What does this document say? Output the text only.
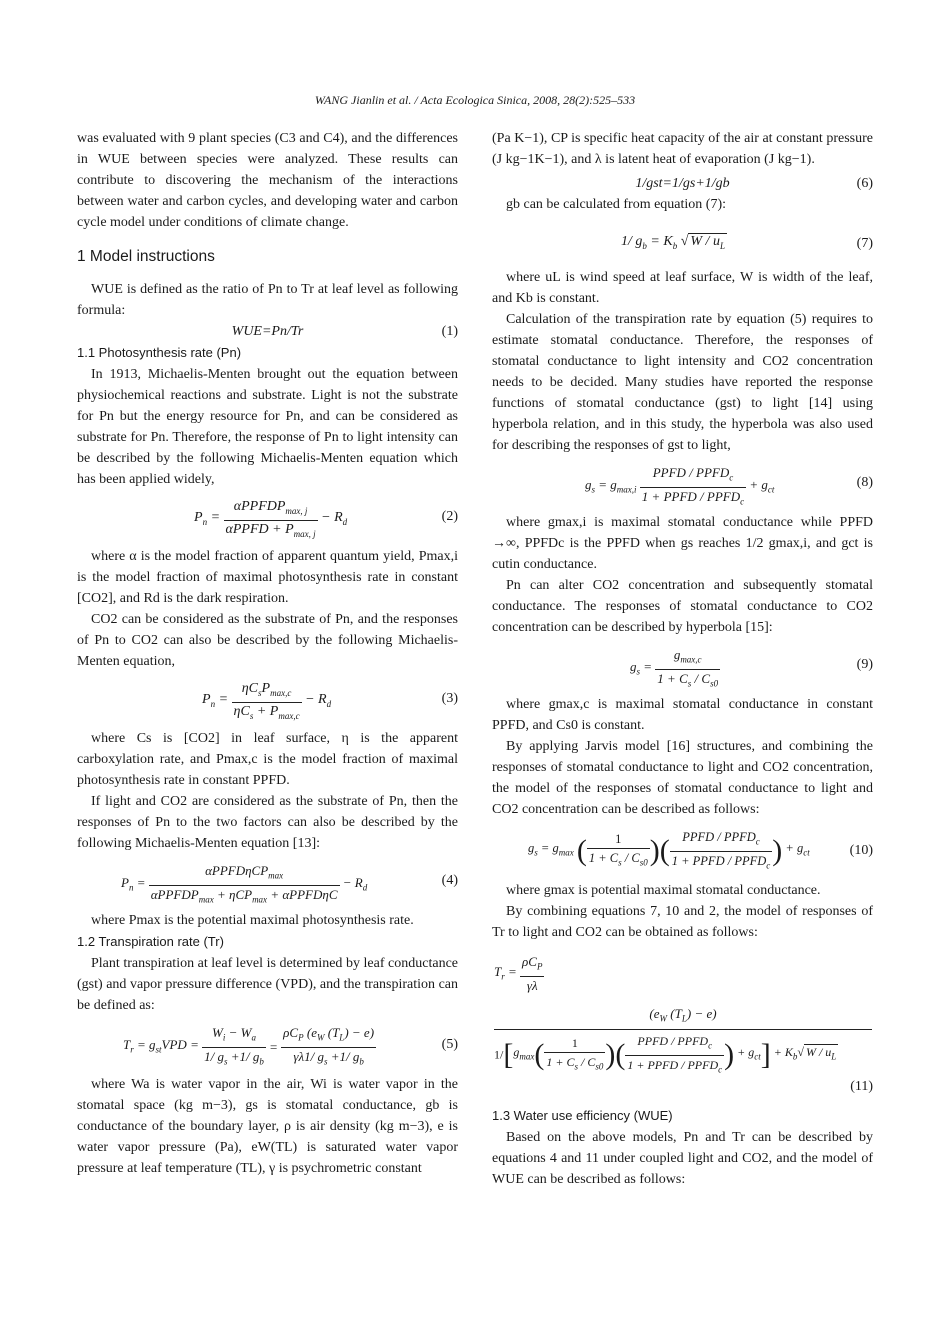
WANG Jianlin et al. / Acta Ecologica Sinica, 2008, 28(2):525–533

was evaluated with 9 plant species (C3 and C4), and the differences in WUE between species were analyzed. These results can contribute to discovering the mechanism of the interactions between water and carbon cycles, and developing water and carbon cycle model under conditions of climate change.

1 Model instructions

WUE is defined as the ratio of Pn to Tr at leaf level as following formula:

WUE=Pn/Tr	(1)
1.1 Photosynthesis rate (Pn)

In 1913, Michaelis-Menten brought out the equation between physiochemical reactions and substrate. Light is not the substrate for Pn but the energy resource for Pn, and can be considered as substrate for Pn. Therefore, the response of Pn to light intensity can be described by the following Michaelis-Menten equation which has been applied widely,

$P_n = \frac{\alpha PPFDP_{max, j}}{\alpha PPFD + P_{max, j}} - R_d$	(2)

where α is the model fraction of apparent quantum yield, Pmax,i is the model fraction of maximal photosynthesis rate in constant [CO2], and Rd is the dark respiration.

CO2 can be considered as the substrate of Pn, and the responses of Pn to CO2 can also be described by the following Michaelis-Menten equation,

$P_n = \frac{\eta C_sP_{max,c}}{\eta C_s + P_{max,c}} - R_d$	(3)

where Cs is [CO2] in leaf surface, η is the apparent carboxylation rate, and Pmax,c is the model fraction of maximal photosynthesis rate in constant PPFD.

If light and CO2 are considered as the substrate of Pn, then the responses of Pn to the two factors can also be described by the following Michaelis-Menten equation [13]:

$P_n = \frac{\alpha PPFD\eta CP_{max}}{\alpha PPFDP_{max} + \eta CP_{max} + \alpha PPFD\eta C} - R_d$	(4)

where Pmax is the potential maximal photosynthesis rate.

1.2 Transpiration rate (Tr)

Plant transpiration at leaf level is determined by leaf conductance (gst) and vapor pressure difference (VPD), and the transpiration can be defined as:

$T_r = g_{st}VPD = \frac{W_i - W_a}{1/ g_s +1/ g_b} = \frac{\rho C_P (e_W (T_L) - e)}{\gamma\lambda 1/ g_s +1/ g_b}$	(5)

where Wa is water vapor in the air, Wi is water vapor in the stomatal space (kg m−3), gs is stomatal conductance, gb is conductance of the boundary layer, ρ is air density (kg m−3), e is water vapor pressure (Pa), eW(TL) is saturated water vapor pressure at leaf temperature (TL), γ is psychrometric constant

(Pa K−1), CP is specific heat capacity of the air at constant pressure (J kg−1K−1), and λ is latent heat of evaporation (J kg−1).

1/gst=1/gs+1/gb	(6)

gb can be calculated from equation (7):

1/ $g_b = K_b$ √ W / $u_L$	(7)

where uL is wind speed at leaf surface, W is width of the leaf, and Kb is constant.

Calculation of the transpiration rate by equation (5) requires to estimate stomatal conductance. Therefore, the responses of stomatal conductance to light intensity and CO2 concentration needs to be decided. Many studies have reported the response functions of stomatal conductance (gst) to light [14] using hyperbola relation, and in this study, the hyperbola was also used for describing the responses of gst to light,

$g_s = g_{max,i} \frac{PPFD / PPFD_c}{1 + PPFD / PPFD_c} + g_{ct}$	(8)

where gmax,i is maximal stomatal conductance while PPFD →∞, PPFDc is the PPFD when gs reaches 1/2 gmax,i, and gct is cutin conductance.

Pn can alter CO2 concentration and subsequently stomatal conductance. The responses of stomatal conductance to CO2 concentration can be described by hyperbola [15]:

$g_s = \frac{g_{max,c}}{1 + C_s / C_{s0}}$	(9)

where gmax,c is maximal stomatal conductance in constant PPFD, and Cs0 is constant.

By applying Jarvis model [16] structures, and combining the responses of stomatal conductance to light and CO2 concentration, the model of the responses of stomatal conductance to light and CO2 concentration can be described as follows:

$g_s = g_{max}$ ( $\frac{1}{1 + C_s / C_{s0}}$ )( $\frac{PPFD / PPFD_c}{1 + PPFD / PPFD_c}$ ) + $g_{ct}$	(10)

where gmax is potential maximal stomatal conductance.

By combining equations 7, 10 and 2, the model of responses of Tr to light and CO2 can be obtained as follows:

$T_r = \frac{\rho C_P}{\gamma\lambda}$
($e_W$ $(T_L) - e$)
$1/[g_{max}( \frac{1}{1 + C_s / C_{s0}}$ )( $\frac{PPFD / PPFD_c}{1 + PPFD / PPFD_c}$ ) + $g_{ct}] + K_b√$ W / $u_L$
(11)
1.3 Water use efficiency (WUE)

Based on the above models, Pn and Tr can be described by equations 4 and 11 under coupled light and CO2, and the model of WUE can be described as follows:
